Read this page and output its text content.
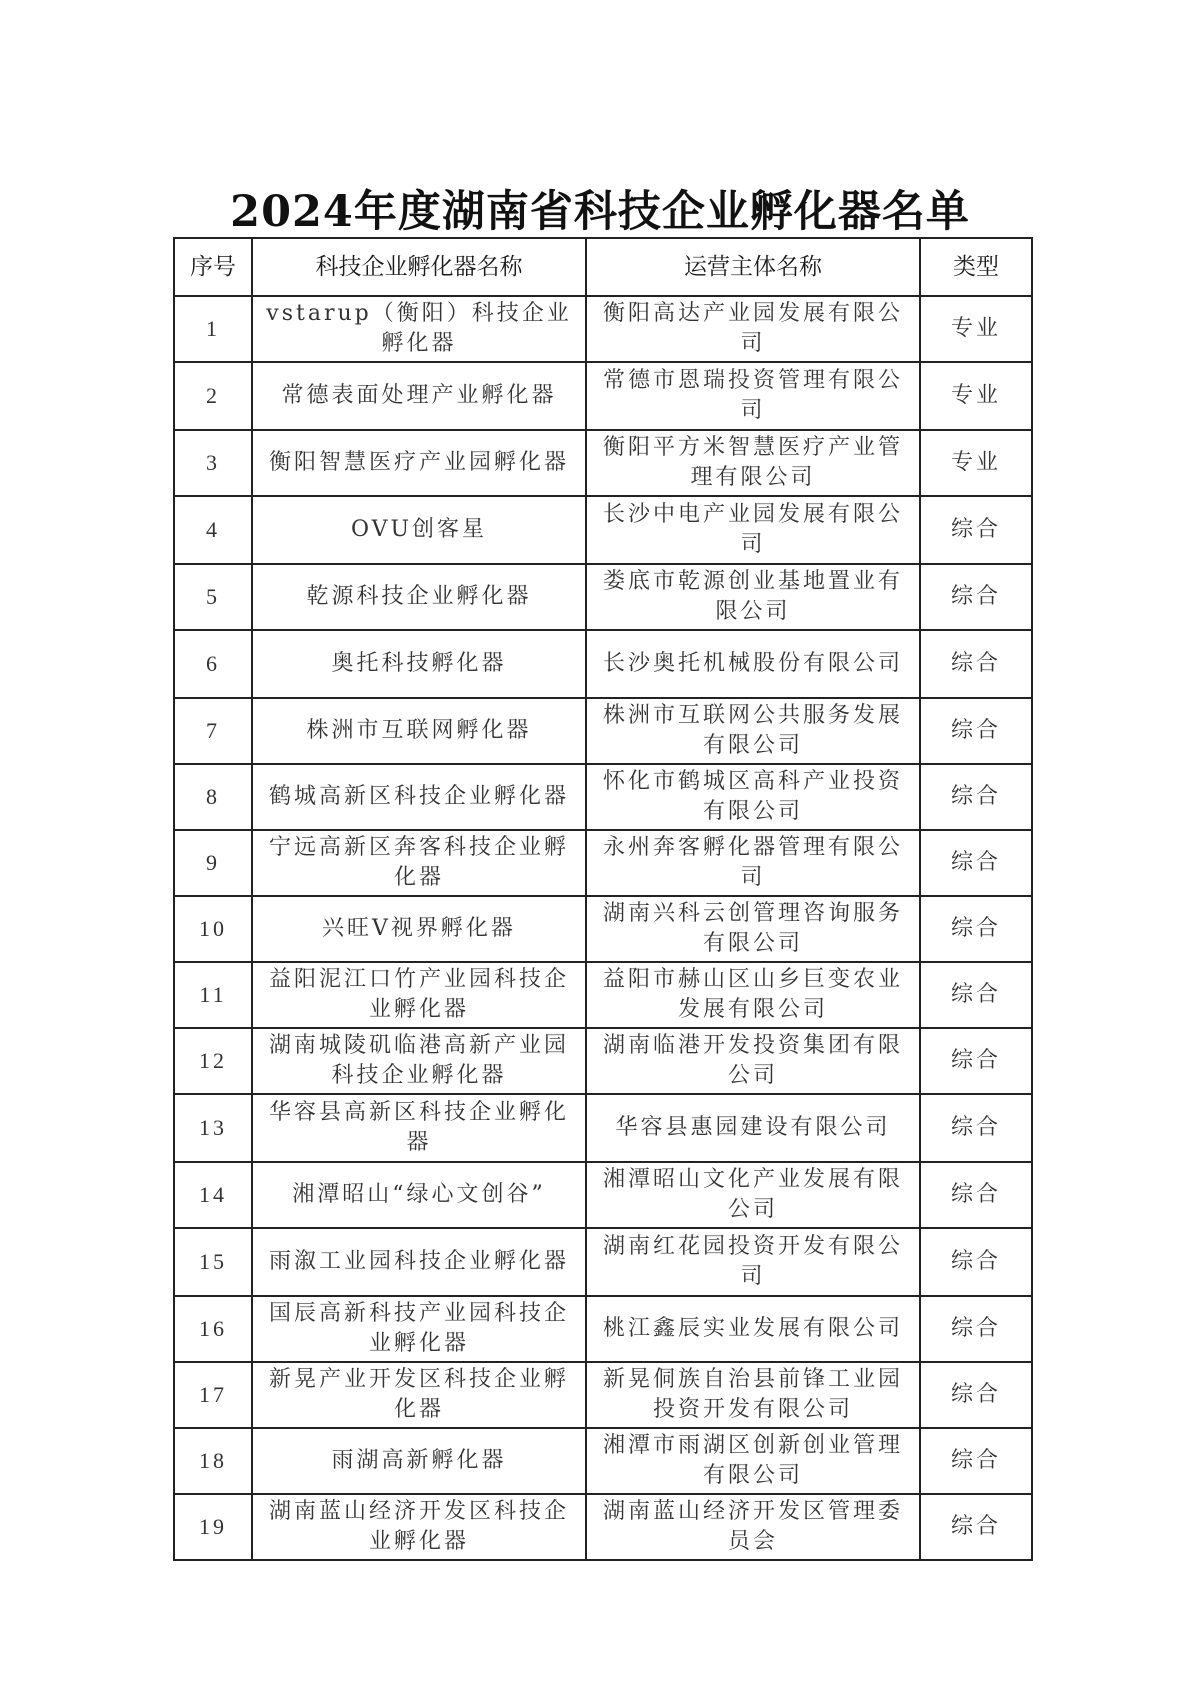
2024年度湖南省科技企业孵化器名单
序号	科技企业孵化器名称	运营主体名称	类型
1	vstarup（衡阳）科技企业孵化器	衡阳高达产业园发展有限公司	专业
2	常德表面处理产业孵化器	常德市恩瑞投资管理有限公司	专业
3	衡阳智慧医疗产业园孵化器	衡阳平方米智慧医疗产业管理有限公司	专业
4	OVU创客星	长沙中电产业园发展有限公司	综合
5	乾源科技企业孵化器	娄底市乾源创业基地置业有限公司	综合
6	奥托科技孵化器	长沙奥托机械股份有限公司	综合
7	株洲市互联网孵化器	株洲市互联网公共服务发展有限公司	综合
8	鹤城高新区科技企业孵化器	怀化市鹤城区高科产业投资有限公司	综合
9	宁远高新区奔客科技企业孵化器	永州奔客孵化器管理有限公司	综合
10	兴旺V视界孵化器	湖南兴科云创管理咨询服务有限公司	综合
11	益阳泥江口竹产业园科技企业孵化器	益阳市赫山区山乡巨变农业发展有限公司	综合
12	湖南城陵矶临港高新产业园科技企业孵化器	湖南临港开发投资集团有限公司	综合
13	华容县高新区科技企业孵化器	华容县惠园建设有限公司	综合
14	湘潭昭山“绿心文创谷”	湘潭昭山文化产业发展有限公司	综合
15	雨溆工业园科技企业孵化器	湖南红花园投资开发有限公司	综合
16	国辰高新科技产业园科技企业孵化器	桃江鑫辰实业发展有限公司	综合
17	新晃产业开发区科技企业孵化器	新晃侗族自治县前锋工业园投资开发有限公司	综合
18	雨湖高新孵化器	湘潭市雨湖区创新创业管理有限公司	综合
19	湖南蓝山经济开发区科技企业孵化器	湖南蓝山经济开发区管理委员会	综合
